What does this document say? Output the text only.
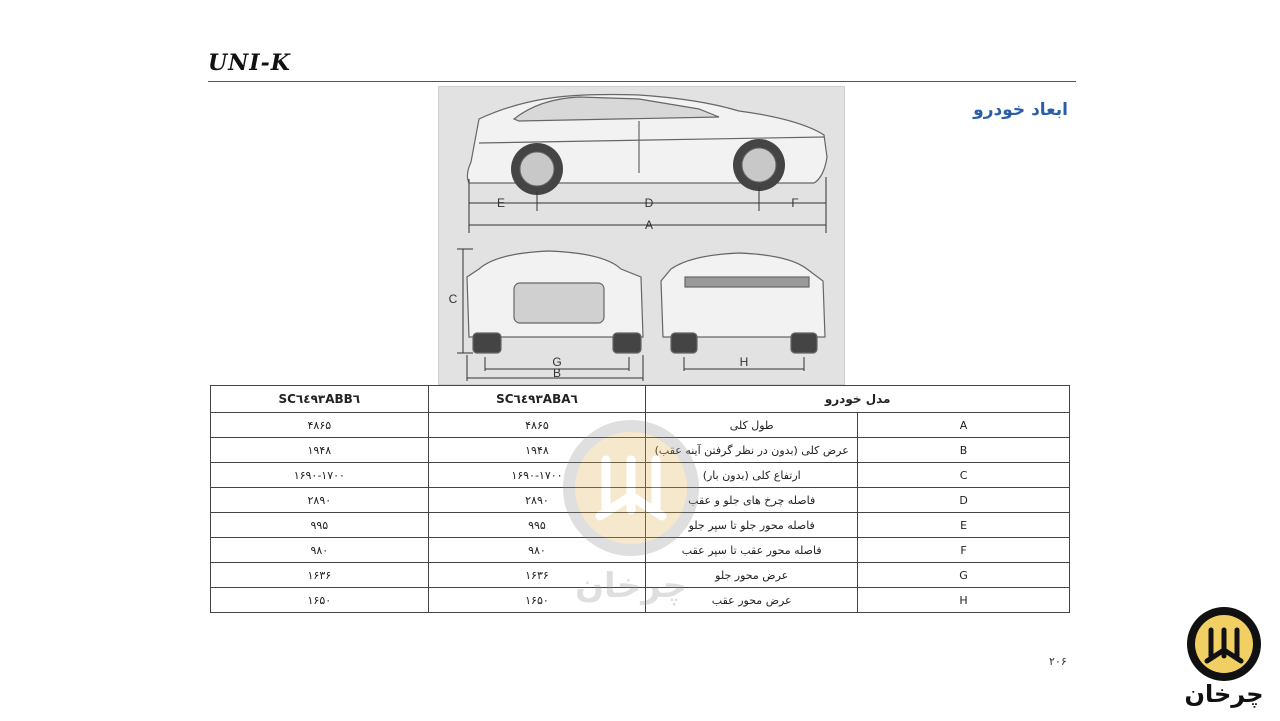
UNI-K
ابعاد خودرو
E	D	F
A
C
G
B
H
SC٦٤٩٣ABB٦	SC٦٤٩٣ABA٦	مدل خودرو	
۴۸۶۵	۴۸۶۵	طول کلی	A
۱۹۴۸	۱۹۴۸	عرض کلی (بدون در نظر گرفتن آینه عقب)	B
۱۶۹۰-۱۷۰۰	۱۶۹۰-۱۷۰۰	ارتفاع کلی (بدون بار)	C
۲۸۹۰	۲۸۹۰	فاصله چرخ های جلو و عقب	D
۹۹۵	۹۹۵	فاصله محور جلو تا سپر جلو	E
۹۸۰	۹۸۰	فاصله محور عقب تا سپر عقب	F
۱۶۳۶	۱۶۳۶	عرض محور جلو	G
۱۶۵۰	۱۶۵۰	عرض محور عقب	H
چرخان
۲۰۶
چرخان
